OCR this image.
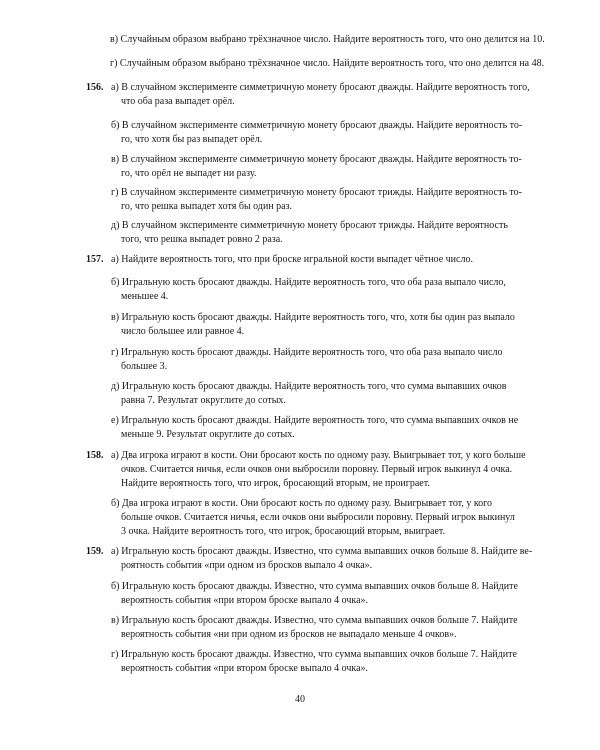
в) Случайным образом выбрано трёхзначное число. Найдите вероятность того, что оно делится на 10.
г) Случайным образом выбрано трёхзначное число. Найдите вероятность того, что оно делится на 48.
156. а) В случайном эксперименте симметричную монету бросают дважды. Найдите вероятность того,
что оба раза выпадет орёл.
б) В случайном эксперименте симметричную монету бросают дважды. Найдите вероятность то-
го, что хотя бы раз выпадет орёл.
в) В случайном эксперименте симметричную монету бросают дважды. Найдите вероятность то-
го, что орёл не выпадет ни разу.
г) В случайном эксперименте симметричную монету бросают трижды. Найдите вероятность то-
го, что решка выпадет хотя бы один раз.
д) В случайном эксперименте симметричную монету бросают трижды. Найдите вероятность
того, что решка выпадет ровно 2 раза.
157. а) Найдите вероятность того, что при броске игральной кости выпадет чётное число.
б) Игральную кость бросают дважды. Найдите вероятность того, что оба раза выпало число,
меньшее 4.
в) Игральную кость бросают дважды. Найдите вероятность того, что, хотя бы один раз выпало
число большее или равное 4.
г) Игральную кость бросают дважды. Найдите вероятность того, что оба раза выпало число
большее 3.
д) Игральную кость бросают дважды. Найдите вероятность того, что сумма выпавших очков
равна 7. Результат округлите до сотых.
е) Игральную кость бросают дважды. Найдите вероятность того, что сумма выпавших очков не
меньше 9. Результат округлите до сотых.
158. а) Два игрока играют в кости. Они бросают кость по одному разу. Выигрывает тот, у кого больше
очков. Считается ничья, если очков они выбросили поровну. Первый игрок выкинул 4 очка.
Найдите вероятность того, что игрок, бросающий вторым, не проиграет.
б) Два игрока играют в кости. Они бросают кость по одному разу. Выигрывает тот, у кого
больше очков. Считается ничья, если очков они выбросили поровну. Первый игрок выкинул
3 очка. Найдите вероятность того, что игрок, бросающий вторым, выиграет.
159. а) Игральную кость бросают дважды. Известно, что сумма выпавших очков больше 8. Найдите ве-
роятность события «при одном из бросков выпало 4 очка».
б) Игральную кость бросают дважды. Известно, что сумма выпавших очков больше 8. Найдите
вероятность события «при втором броске выпало 4 очка».
в) Игральную кость бросают дважды. Известно, что сумма выпавших очков больше 7. Найдите
вероятность события «ни при одном из бросков не выпадало меньше 4 очков».
г) Игральную кость бросают дважды. Известно, что сумма выпавших очков больше 7. Найдите
вероятность события «при втором броске выпало 4 очка».
40
